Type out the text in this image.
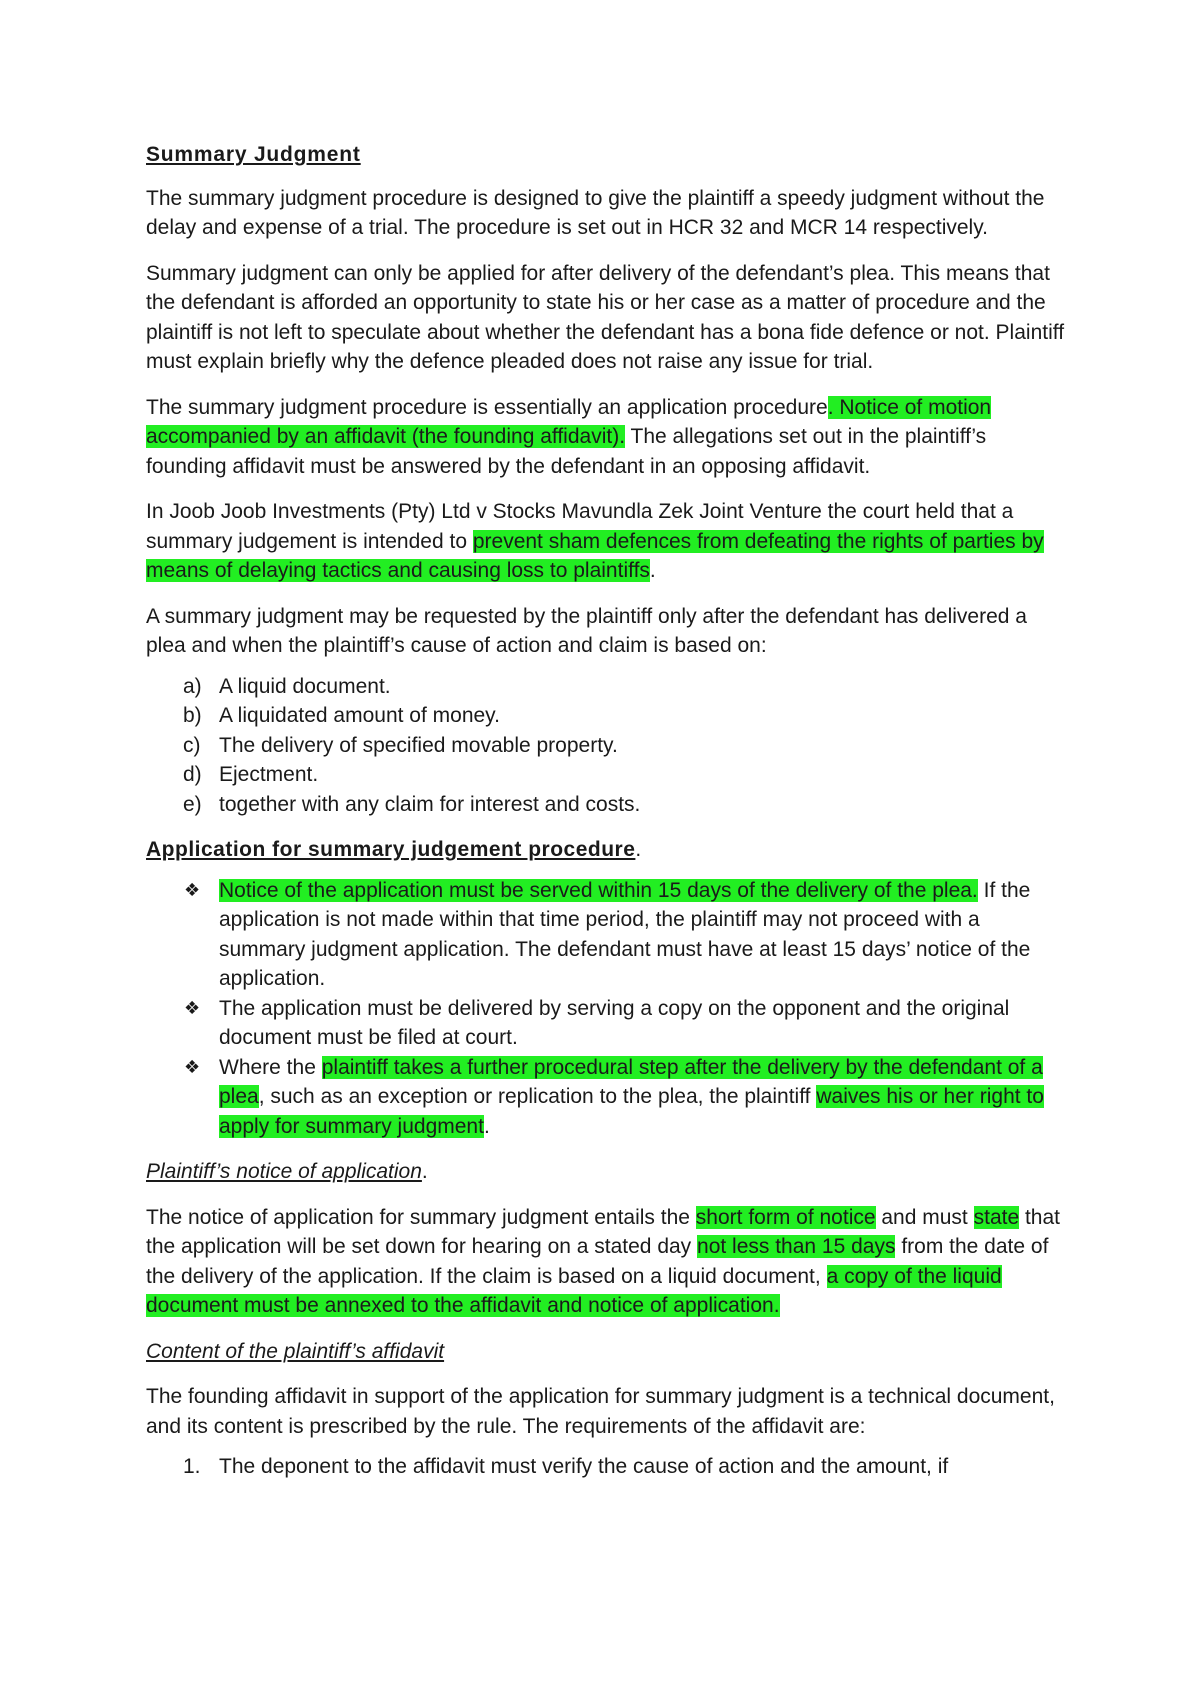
Summary Judgment

The summary judgment procedure is designed to give the plaintiff a speedy judgment without the delay and expense of a trial. The procedure is set out in HCR 32 and MCR 14 respectively.

Summary judgment can only be applied for after delivery of the defendant’s plea. This means that the defendant is afforded an opportunity to state his or her case as a matter of procedure and the plaintiff is not left to speculate about whether the defendant has a bona fide defence or not. Plaintiff must explain briefly why the defence pleaded does not raise any issue for trial.

The summary judgment procedure is essentially an application procedure. Notice of motion accompanied by an affidavit (the founding affidavit). The allegations set out in the plaintiff’s founding affidavit must be answered by the defendant in an opposing affidavit.

In Joob Joob Investments (Pty) Ltd v Stocks Mavundla Zek Joint Venture the court held that a summary judgement is intended to prevent sham defences from defeating the rights of parties by means of delaying tactics and causing loss to plaintiffs.

A summary judgment may be requested by the plaintiff only after the defendant has delivered a plea and when the plaintiff’s cause of action and claim is based on:

a) A liquid document.
b) A liquidated amount of money.
c) The delivery of specified movable property.
d) Ejectment.
e) together with any claim for interest and costs.

Application for summary judgement procedure.

❖ Notice of the application must be served within 15 days of the delivery of the plea. If the application is not made within that time period, the plaintiff may not proceed with a summary judgment application. The defendant must have at least 15 days’ notice of the application.
❖ The application must be delivered by serving a copy on the opponent and the original document must be filed at court.
❖ Where the plaintiff takes a further procedural step after the delivery by the defendant of a plea, such as an exception or replication to the plea, the plaintiff waives his or her right to apply for summary judgment.

Plaintiff’s notice of application.

The notice of application for summary judgment entails the short form of notice and must state that the application will be set down for hearing on a stated day not less than 15 days from the date of the delivery of the application. If the claim is based on a liquid document, a copy of the liquid document must be annexed to the affidavit and notice of application.

Content of the plaintiff’s affidavit

The founding affidavit in support of the application for summary judgment is a technical document, and its content is prescribed by the rule. The requirements of the affidavit are:

1. The deponent to the affidavit must verify the cause of action and the amount, if
